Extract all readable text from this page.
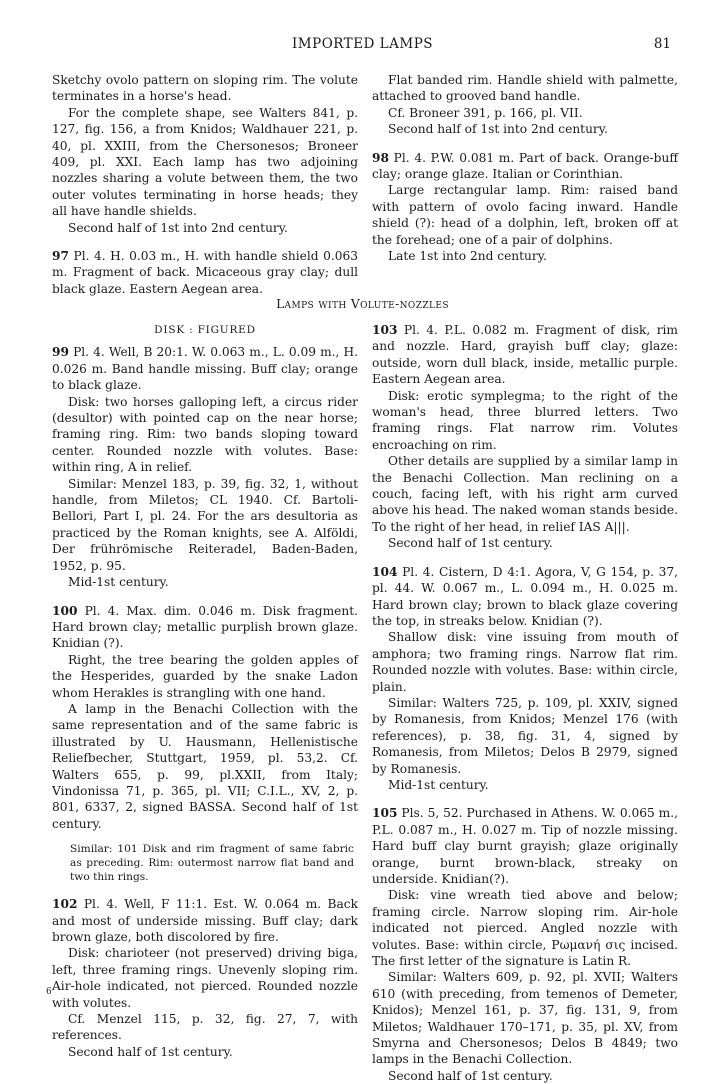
IMPORTED LAMPS	81

Sketchy ovolo pattern on sloping rim. The volute terminates in a horse's head.

For the complete shape, see Walters 841, p. 127, fig. 156, a from Knidos; Waldhauer 221, p. 40, pl. XXIII, from the Chersonesos; Broneer 409, pl. XXI. Each lamp has two adjoining nozzles sharing a volute between them, the two outer volutes terminating in horse heads; they all have handle shields.

Second half of 1st into 2nd century.

97 Pl. 4. H. 0.03 m., H. with handle shield 0.063 m. Fragment of back. Micaceous gray clay; dull black glaze. Eastern Aegean area.

Flat banded rim. Handle shield with palmette, attached to grooved band handle.

Cf. Broneer 391, p. 166, pl. VII.

Second half of 1st into 2nd century.

98 Pl. 4. P.W. 0.081 m. Part of back. Orange-buff clay; orange glaze. Italian or Corinthian.

Large rectangular lamp. Rim: raised band with pattern of ovolo facing inward. Handle shield (?): head of a dolphin, left, broken off at the forehead; one of a pair of dolphins.

Late 1st into 2nd century.

Lamps with Volute-nozzles
DISK : FIGURED

99 Pl. 4. Well, B 20:1. W. 0.063 m., L. 0.09 m., H. 0.026 m. Band handle missing. Buff clay; orange to black glaze.

Disk: two horses galloping left, a circus rider (desultor) with pointed cap on the near horse; framing ring. Rim: two bands sloping toward center. Rounded nozzle with volutes. Base: within ring, A in relief.

Similar: Menzel 183, p. 39, fig. 32, 1, without handle, from Miletos; CL 1940. Cf. Bartoli-Bellori, Part I, pl. 24. For the ars desultoria as practiced by the Roman knights, see A. Alföldi, Der frührömische Reiteradel, Baden-Baden, 1952, p. 95.

Mid-1st century.

100 Pl. 4. Max. dim. 0.046 m. Disk fragment. Hard brown clay; metallic purplish brown glaze. Knidian (?).

Right, the tree bearing the golden apples of the Hesperides, guarded by the snake Ladon whom Herakles is strangling with one hand.

A lamp in the Benachi Collection with the same representation and of the same fabric is illustrated by U. Hausmann, Hellenistische Reliefbecher, Stuttgart, 1959, pl. 53,2. Cf. Walters 655, p. 99, pl.XXII, from Italy; Vindonissa 71, p. 365, pl. VII; C.I.L., XV, 2, p. 801, 6337, 2, signed BASSA. Second half of 1st century.

Similar: 101 Disk and rim fragment of same fabric as preceding. Rim: outermost narrow flat band and two thin rings.

102 Pl. 4. Well, F 11:1. Est. W. 0.064 m. Back and most of underside missing. Buff clay; dark brown glaze, both discolored by fire.

Disk: charioteer (not preserved) driving biga, left, three framing rings. Unevenly sloping rim. Air-hole indicated, not pierced. Rounded nozzle with volutes.

Cf. Menzel 115, p. 32, fig. 27, 7, with references.

Second half of 1st century.

103 Pl. 4. P.L. 0.082 m. Fragment of disk, rim and nozzle. Hard, grayish buff clay; glaze: outside, worn dull black, inside, metallic purple. Eastern Aegean area.

Disk: erotic symplegma; to the right of the woman's head, three blurred letters. Two framing rings. Flat narrow rim. Volutes encroaching on rim.

Other details are supplied by a similar lamp in the Benachi Collection. Man reclining on a couch, facing left, with his right arm curved above his head. The naked woman stands beside. To the right of her head, in relief IAS A|||.

Second half of 1st century.

104 Pl. 4. Cistern, D 4:1. Agora, V, G 154, p. 37, pl. 44. W. 0.067 m., L. 0.094 m., H. 0.025 m. Hard brown clay; brown to black glaze covering the top, in streaks below. Knidian (?).

Shallow disk: vine issuing from mouth of amphora; two framing rings. Narrow flat rim. Rounded nozzle with volutes. Base: within circle, plain.

Similar: Walters 725, p. 109, pl. XXIV, signed by Romanesis, from Knidos; Menzel 176 (with references), p. 38, fig. 31, 4, signed by Romanesis, from Miletos; Delos B 2979, signed by Romanesis.

Mid-1st century.

105 Pls. 5, 52. Purchased in Athens. W. 0.065 m., P.L. 0.087 m., H. 0.027 m. Tip of nozzle missing. Hard buff clay burnt grayish; glaze originally orange, burnt brown-black, streaky on underside. Knidian(?).

Disk: vine wreath tied above and below; framing circle. Narrow sloping rim. Air-hole indicated not pierced. Angled nozzle with volutes. Base: within circle, Ρωμανή σις incised. The first letter of the signature is Latin R.

Similar: Walters 609, p. 92, pl. XVII; Walters 610 (with preceding, from temenos of Demeter, Knidos); Menzel 161, p. 37, fig. 131, 9, from Miletos; Waldhauer 170–171, p. 35, pl. XV, from Smyrna and Chersonesos; Delos B 4849; two lamps in the Benachi Collection.

Second half of 1st century.

6
